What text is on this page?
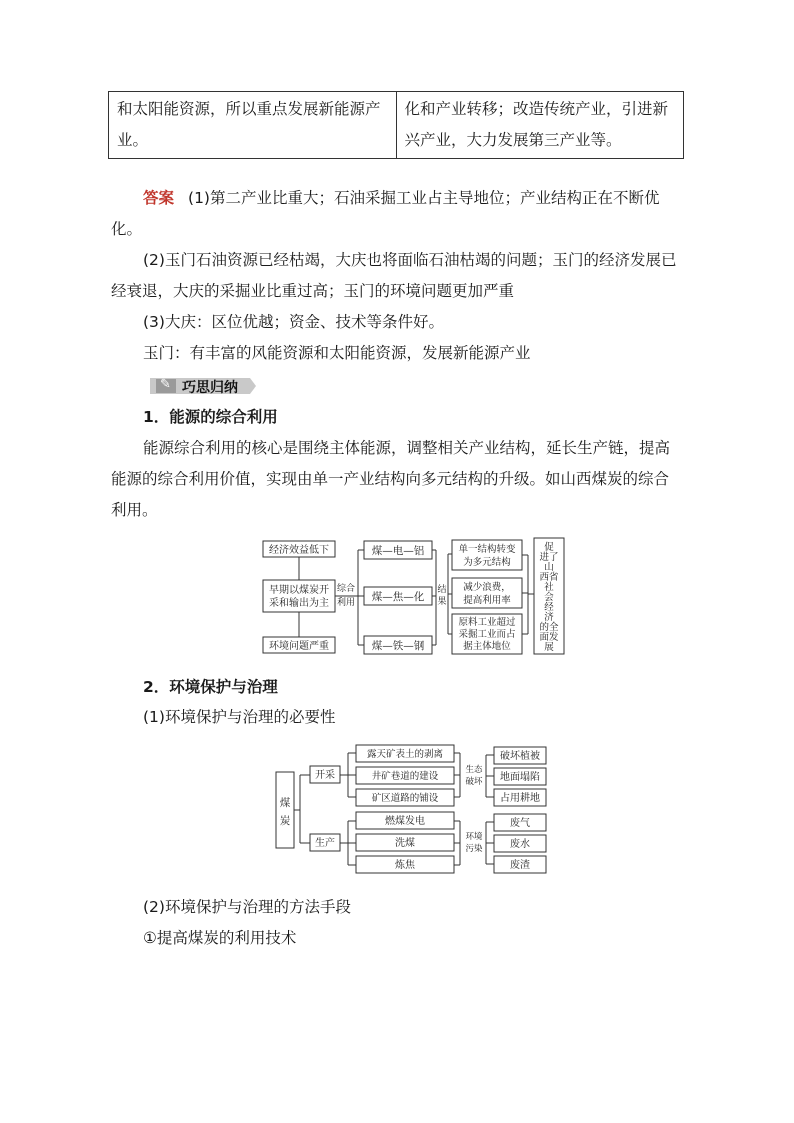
和太阳能资源，所以重点发展新能源产业。	化和产业转移；改造传统产业，引进新兴产业，大力发展第三产业等。
答案 (1)第二产业比重大；石油采掘工业占主导地位；产业结构正在不断优化。
(2)玉门石油资源已经枯竭，大庆也将面临石油枯竭的问题；玉门的经济发展已经衰退，大庆的采掘业比重过高；玉门的环境问题更加严重
(3)大庆：区位优越；资金、技术等条件好。
玉门：有丰富的风能资源和太阳能资源，发展新能源产业
✎ 巧思归纳
1．能源的综合利用
能源综合利用的核心是围绕主体能源，调整相关产业结构，延长生产链，提高能源的综合利用价值，实现由单一产业结构向多元结构的升级。如山西煤炭的综合利用。
经济效益低下
早期以煤炭开
采和输出为主
环境问题严重
综合
利用
煤—电—铝
煤—焦—化
煤—铁—钢
结
果
单一结构转变
为多元结构
减少浪费，
提高利用率
原料工业超过
采掘工业而占
据主体地位
促
进了
山
西省
社
会
经
济
的全
面发
展
2．环境保护与治理
(1)环境保护与治理的必要性
煤
炭
开采
生产
露天矿表土的剥离
井矿巷道的建设
矿区道路的铺设
生态
破坏
破坏植被
地面塌陷
占用耕地
燃煤发电
洗煤
炼焦
环境
污染
废气
废水
废渣
(2)环境保护与治理的方法手段
①提高煤炭的利用技术
